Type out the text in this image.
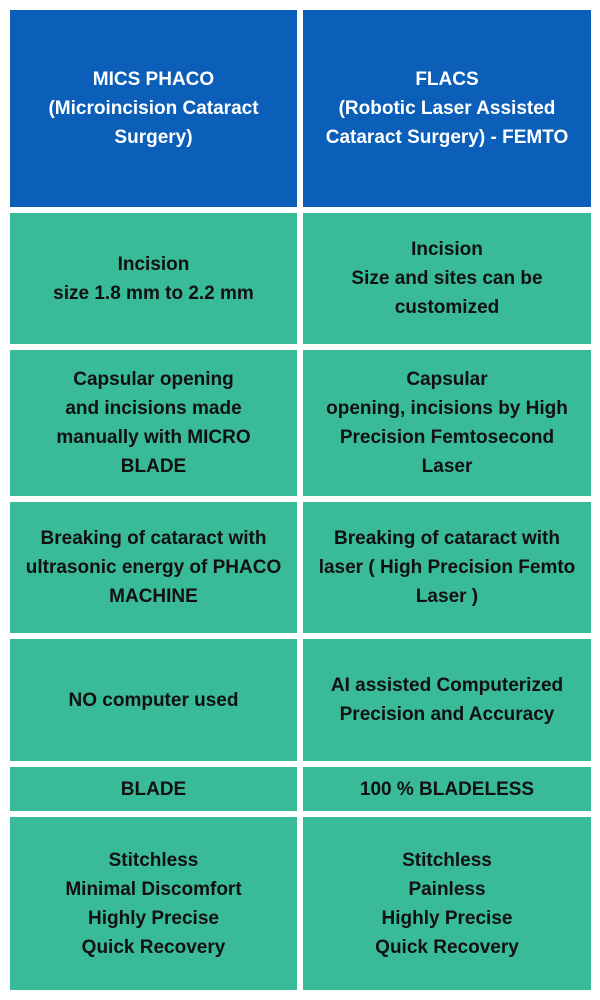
MICS PHACO
(Microincision Cataract
Surgery)
FLACS
(Robotic Laser Assisted
Cataract Surgery) - FEMTO
Incision
size 1.8 mm to 2.2 mm
Incision
Size and sites can be
customized
Capsular opening
and incisions made
manually with MICRO
BLADE
Capsular
opening, incisions by High
Precision Femtosecond
Laser
Breaking of cataract with
ultrasonic energy of PHACO
MACHINE
Breaking of cataract with
laser ( High Precision Femto
Laser )
NO computer used
AI assisted Computerized
Precision and Accuracy
BLADE	100 % BLADELESS
Stitchless
Minimal Discomfort
Highly Precise
Quick Recovery
Stitchless
Painless
Highly Precise
Quick Recovery
